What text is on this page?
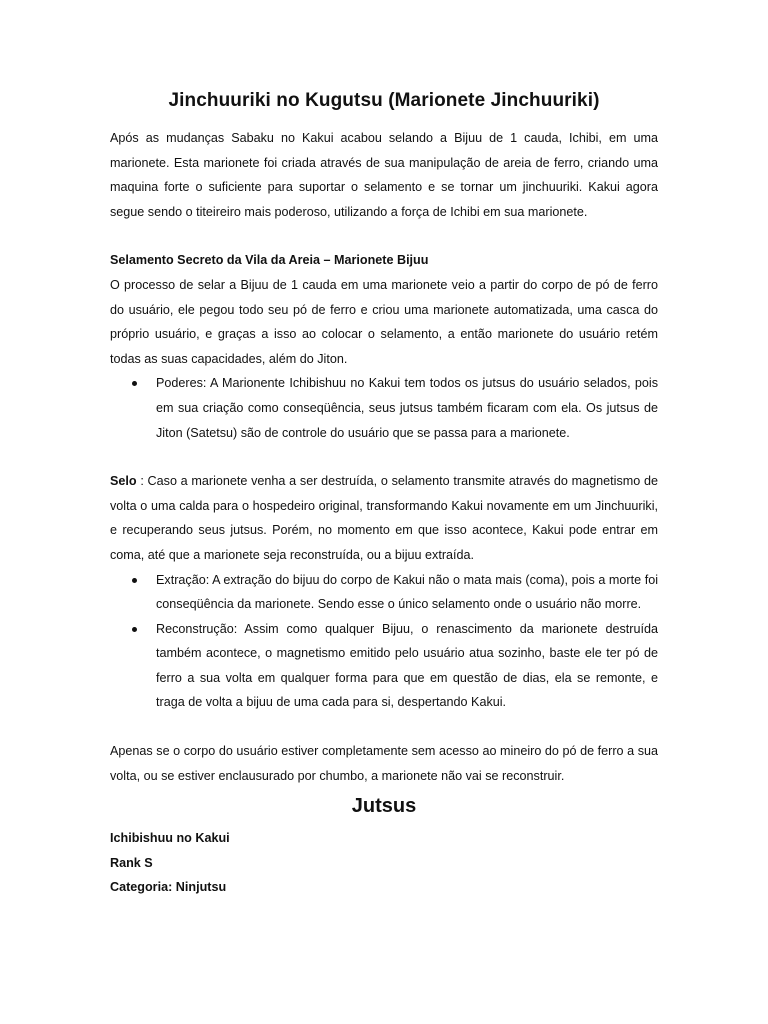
Jinchuuriki no Kugutsu (Marionete Jinchuuriki)

Após as mudanças Sabaku no Kakui acabou selando a Bijuu de 1 cauda, Ichibi, em uma marionete. Esta marionete foi criada através de sua manipulação de areia de ferro, criando uma maquina forte o suficiente para suportar o selamento e se tornar um jinchuuriki. Kakui agora segue sendo o titeireiro mais poderoso, utilizando a força de Ichibi em sua marionete.

Selamento Secreto da Vila da Areia – Marionete Bijuu

O processo de selar a Bijuu de 1 cauda em uma marionete veio a partir do corpo de pó de ferro do usuário, ele pegou todo seu pó de ferro e criou uma marionete automatizada, uma casca do próprio usuário, e graças a isso ao colocar o selamento, a então marionete do usuário retém todas as suas capacidades, além do Jiton.

Poderes: A Marionente Ichibishuu no Kakui tem todos os jutsus do usuário selados, pois em sua criação como conseqüência, seus jutsus também ficaram com ela. Os jutsus de Jiton (Satetsu) são de controle do usuário que se passa para a marionete.

Selo : Caso a marionete venha a ser destruída, o selamento transmite através do magnetismo de volta o uma calda para o hospedeiro original, transformando Kakui novamente em um Jinchuuriki, e recuperando seus jutsus. Porém, no momento em que isso acontece, Kakui pode entrar em coma, até que a marionete seja reconstruída, ou a bijuu extraída.

Extração: A extração do bijuu do corpo de Kakui não o mata mais (coma), pois a morte foi conseqüência da marionete. Sendo esse o único selamento onde o usuário não morre.
Reconstrução: Assim como qualquer Bijuu, o renascimento da marionete destruída também acontece, o magnetismo emitido pelo usuário atua sozinho, baste ele ter pó de ferro a sua volta em qualquer forma para que em questão de dias, ela se remonte, e traga de volta a bijuu de uma cada para si, despertando Kakui.

Apenas se o corpo do usuário estiver completamente sem acesso ao mineiro do pó de ferro a sua volta, ou se estiver enclausurado por chumbo, a marionete não vai se reconstruir.

Jutsus

Ichibishuu no Kakui

Rank S

Categoria: Ninjutsu
